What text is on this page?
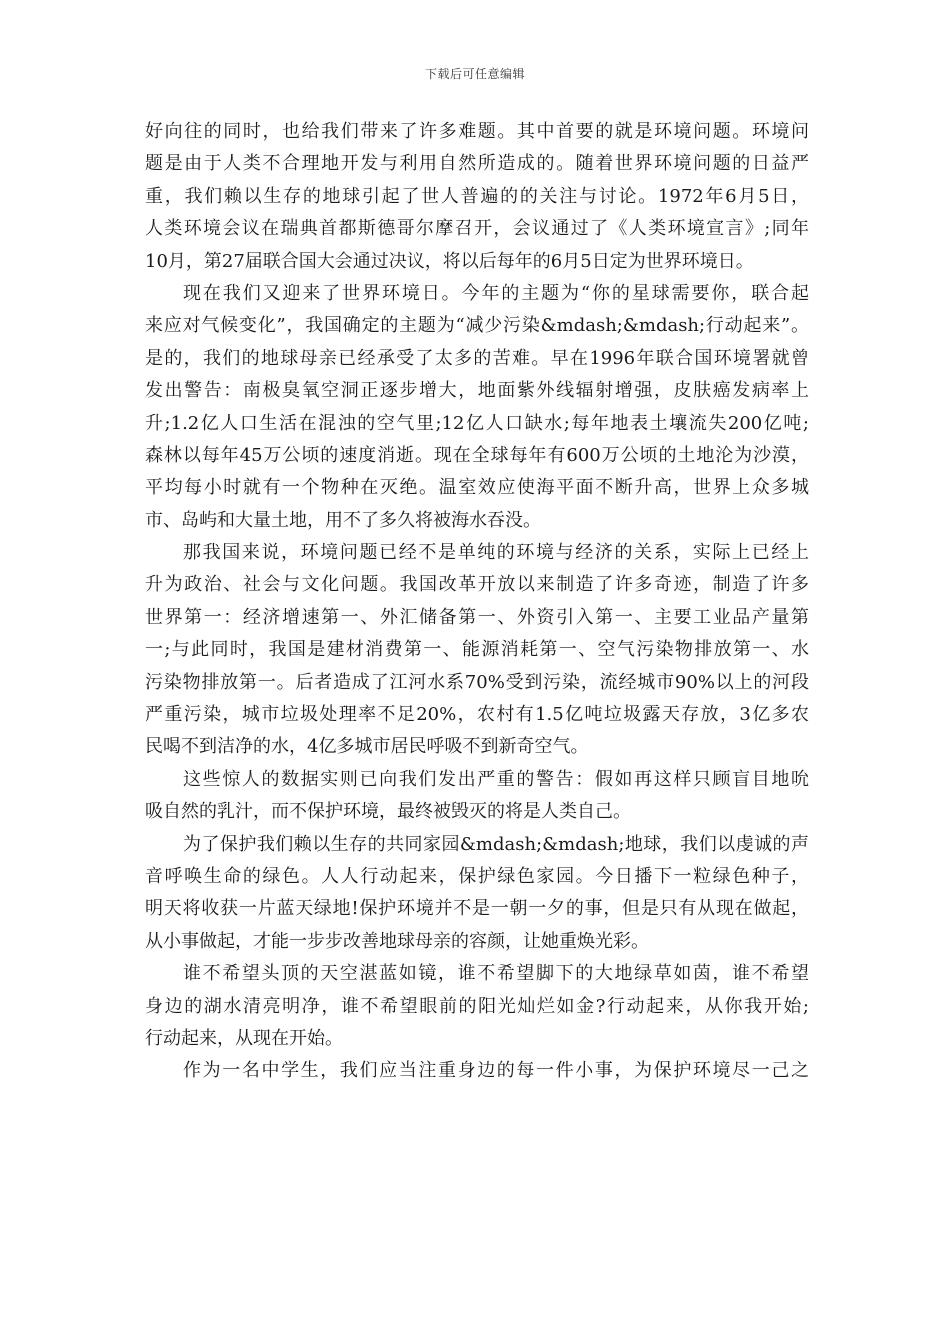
下载后可任意编辑
好向往的同时，也给我们带来了许多难题。其中首要的就是环境问题。环境问
题是由于人类不合理地开发与利用自然所造成的。随着世界环境问题的日益严
重，我们赖以生存的地球引起了世人普遍的的关注与讨论。1972年6月5日，
人类环境会议在瑞典首都斯德哥尔摩召开，会议通过了《人类环境宣言》;同年
10月，第27届联合国大会通过决议，将以后每年的6月5日定为世界环境日。
现在我们又迎来了世界环境日。今年的主题为“你的星球需要你，联合起
来应对气候变化”，我国确定的主题为“减少污染&mdash;&mdash;行动起来”。
是的，我们的地球母亲已经承受了太多的苦难。早在1996年联合国环境署就曾
发出警告：南极臭氧空洞正逐步增大，地面紫外线辐射增强，皮肤癌发病率上
升;1.2亿人口生活在混浊的空气里;12亿人口缺水;每年地表土壤流失200亿吨;
森林以每年45万公顷的速度消逝。现在全球每年有600万公顷的土地沦为沙漠，
平均每小时就有一个物种在灭绝。温室效应使海平面不断升高，世界上众多城
市、岛屿和大量土地，用不了多久将被海水吞没。
那我国来说，环境问题已经不是单纯的环境与经济的关系，实际上已经上
升为政治、社会与文化问题。我国改革开放以来制造了许多奇迹，制造了许多
世界第一：经济增速第一、外汇储备第一、外资引入第一、主要工业品产量第
一;与此同时，我国是建材消费第一、能源消耗第一、空气污染物排放第一、水
污染物排放第一。后者造成了江河水系70%受到污染，流经城市90%以上的河段
严重污染，城市垃圾处理率不足20%，农村有1.5亿吨垃圾露天存放，3亿多农
民喝不到洁净的水，4亿多城市居民呼吸不到新奇空气。
这些惊人的数据实则已向我们发出严重的警告：假如再这样只顾盲目地吮
吸自然的乳汁，而不保护环境，最终被毁灭的将是人类自己。
为了保护我们赖以生存的共同家园&mdash;&mdash;地球，我们以虔诚的声
音呼唤生命的绿色。人人行动起来，保护绿色家园。今日播下一粒绿色种子，
明天将收获一片蓝天绿地!保护环境并不是一朝一夕的事，但是只有从现在做起，
从小事做起，才能一步步改善地球母亲的容颜，让她重焕光彩。
谁不希望头顶的天空湛蓝如镜，谁不希望脚下的大地绿草如茵，谁不希望
身边的湖水清亮明净，谁不希望眼前的阳光灿烂如金?行动起来，从你我开始;
行动起来，从现在开始。
作为一名中学生，我们应当注重身边的每一件小事，为保护环境尽一己之
